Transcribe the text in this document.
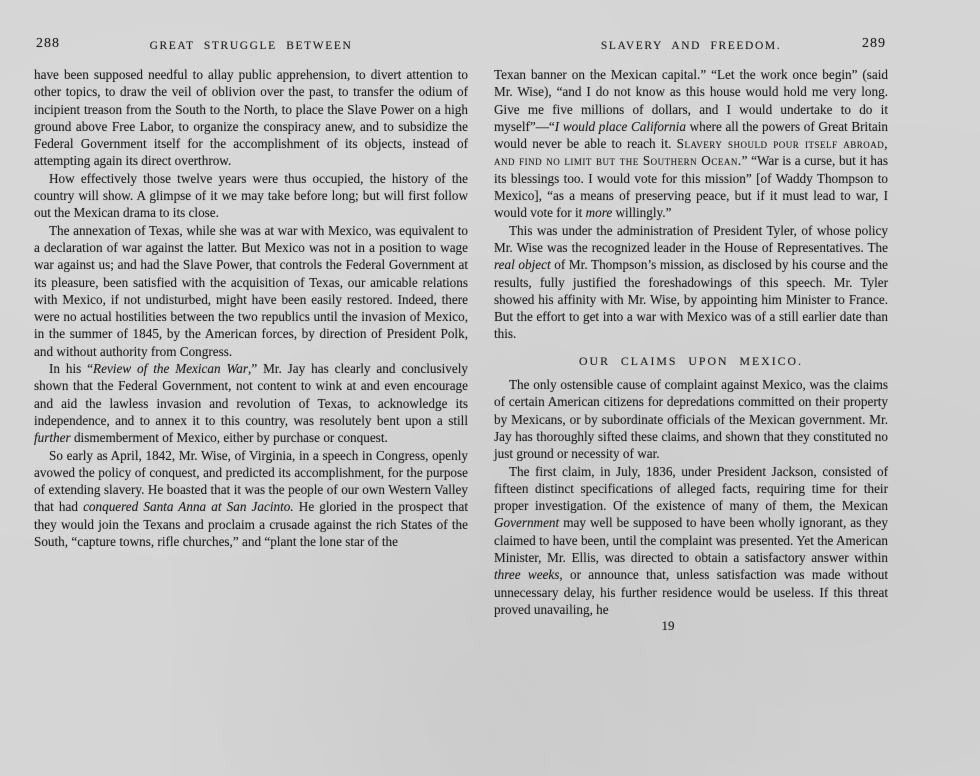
288	GREAT STRUGGLE BETWEEN

have been supposed needful to allay public apprehension, to divert attention to other topics, to draw the veil of oblivion over the past, to transfer the odium of incipient treason from the South to the North, to place the Slave Power on a high ground above Free Labor, to organize the conspiracy anew, and to subsidize the Federal Government itself for the accomplishment of its objects, instead of attempting again its direct overthrow.

How effectively those twelve years were thus occupied, the history of the country will show. A glimpse of it we may take before long; but will first follow out the Mexican drama to its close.

The annexation of Texas, while she was at war with Mexico, was equivalent to a declaration of war against the latter. But Mexico was not in a position to wage war against us; and had the Slave Power, that controls the Federal Government at its pleasure, been satisfied with the acquisition of Texas, our amicable relations with Mexico, if not undisturbed, might have been easily restored. Indeed, there were no actual hostilities between the two republics until the invasion of Mexico, in the summer of 1845, by the American forces, by direction of President Polk, and without authority from Congress.

In his “Review of the Mexican War,” Mr. Jay has clearly and conclusively shown that the Federal Government, not content to wink at and even encourage and aid the lawless invasion and revolution of Texas, to acknowledge its independence, and to annex it to this country, was resolutely bent upon a still further dismemberment of Mexico, either by purchase or conquest.

So early as April, 1842, Mr. Wise, of Virginia, in a speech in Congress, openly avowed the policy of conquest, and predicted its accomplishment, for the purpose of extending slavery. He boasted that it was the people of our own Western Valley that had conquered Santa Anna at San Jacinto. He gloried in the prospect that they would join the Texans and proclaim a crusade against the rich States of the South, “capture towns, rifle churches,” and “plant the lone star of the

SLAVERY AND FREEDOM.	289

Texan banner on the Mexican capital.” “Let the work once begin” (said Mr. Wise), “and I do not know as this house would hold me very long. Give me five millions of dollars, and I would undertake to do it myself”—“I would place California where all the powers of Great Britain would never be able to reach it. Slavery should pour itself abroad, and find no limit but the Southern Ocean.” “War is a curse, but it has its blessings too. I would vote for this mission” [of Waddy Thompson to Mexico], “as a means of preserving peace, but if it must lead to war, I would vote for it more willingly.”

This was under the administration of President Tyler, of whose policy Mr. Wise was the recognized leader in the House of Representatives. The real object of Mr. Thompson’s mission, as disclosed by his course and the results, fully justified the foreshadowings of this speech. Mr. Tyler showed his affinity with Mr. Wise, by appointing him Minister to France. But the effort to get into a war with Mexico was of a still earlier date than this.

OUR CLAIMS UPON MEXICO.

The only ostensible cause of complaint against Mexico, was the claims of certain American citizens for depredations committed on their property by Mexicans, or by subordinate officials of the Mexican government. Mr. Jay has thoroughly sifted these claims, and shown that they constituted no just ground or necessity of war.

The first claim, in July, 1836, under President Jackson, consisted of fifteen distinct specifications of alleged facts, requiring time for their proper investigation. Of the existence of many of them, the Mexican Government may well be supposed to have been wholly ignorant, as they claimed to have been, until the complaint was presented. Yet the American Minister, Mr. Ellis, was directed to obtain a satisfactory answer within three weeks, or announce that, unless satisfaction was made without unnecessary delay, his further residence would be useless. If this threat proved unavailing, he

19
